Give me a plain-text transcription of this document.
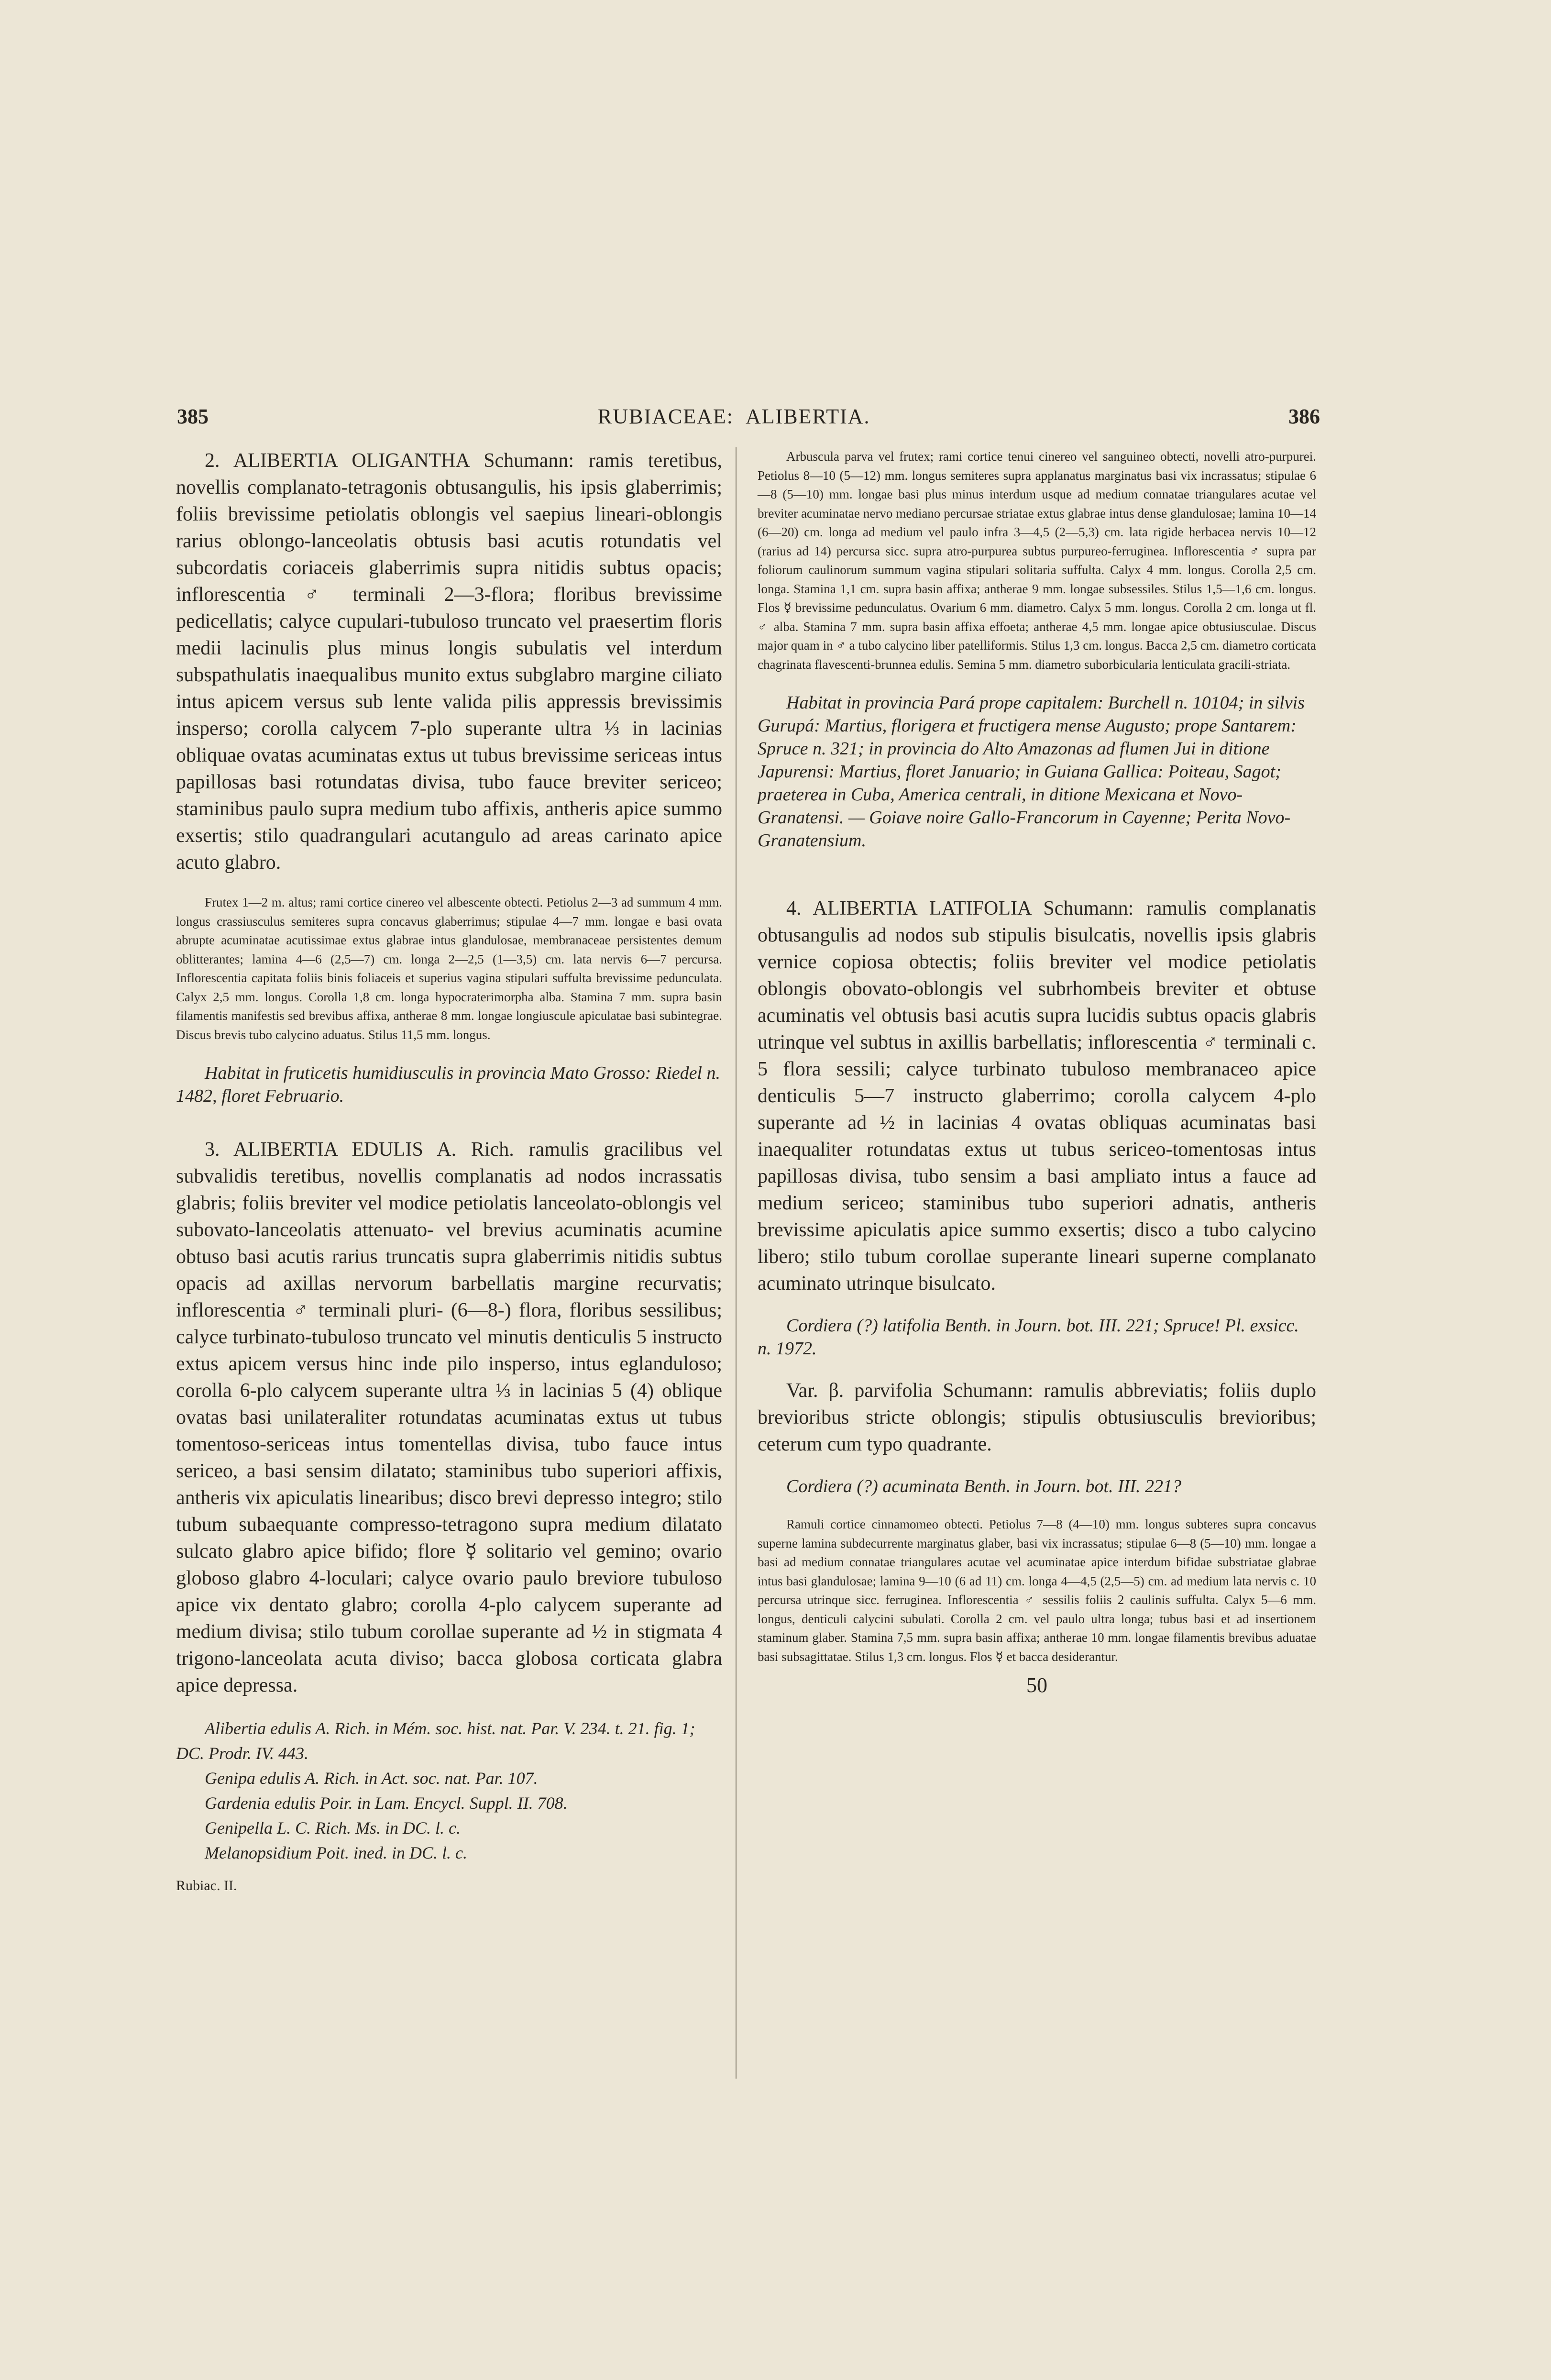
385	RUBIACEAE: ALIBERTIA.	386

2. ALIBERTIA OLIGANTHA Schumann: ramis teretibus, novellis complanato-tetragonis obtusangulis, his ipsis glaberrimis; foliis brevissime petiolatis oblongis vel saepius lineari-oblongis rarius oblongo-lanceolatis obtusis basi acutis rotundatis vel subcordatis coriaceis glaberrimis supra nitidis subtus opacis; inflorescentia ♂ terminali 2—3-flora; floribus brevissime pedicellatis; calyce cupulari-tubuloso truncato vel praesertim floris medii lacinulis plus minus longis subulatis vel interdum subspathulatis inaequalibus munito extus subglabro margine ciliato intus apicem versus sub lente valida pilis appressis brevissimis insperso; corolla calycem 7-plo superante ultra ⅓ in lacinias obliquae ovatas acuminatas extus ut tubus brevissime sericeas intus papillosas basi rotundatas divisa, tubo fauce breviter sericeo; staminibus paulo supra medium tubo affixis, antheris apice summo exsertis; stilo quadrangulari acutangulo ad areas carinato apice acuto glabro.

Frutex 1—2 m. altus; rami cortice cinereo vel albescente obtecti. Petiolus 2—3 ad summum 4 mm. longus crassiusculus semiteres supra concavus glaberrimus; stipulae 4—7 mm. longae e basi ovata abrupte acuminatae acutissimae extus glabrae intus glandulosae, membranaceae persistentes demum oblitterantes; lamina 4—6 (2,5—7) cm. longa 2—2,5 (1—3,5) cm. lata nervis 6—7 percursa. Inflorescentia capitata foliis binis foliaceis et superius vagina stipulari suffulta brevissime pedunculata. Calyx 2,5 mm. longus. Corolla 1,8 cm. longa hypocraterimorpha alba. Stamina 7 mm. supra basin filamentis manifestis sed brevibus affixa, antherae 8 mm. longae longiuscule apiculatae basi subintegrae. Discus brevis tubo calycino aduatus. Stilus 11,5 mm. longus.

Habitat in fruticetis humidiusculis in provincia Mato Grosso: Riedel n. 1482, floret Februario.

3. ALIBERTIA EDULIS A. Rich. ramulis gracilibus vel subvalidis teretibus, novellis complanatis ad nodos incrassatis glabris; foliis breviter vel modice petiolatis lanceolato-oblongis vel subovato-lanceolatis attenuato- vel brevius acuminatis acumine obtuso basi acutis rarius truncatis supra glaberrimis nitidis subtus opacis ad axillas nervorum barbellatis margine recurvatis; inflorescentia ♂ terminali pluri- (6—8-) flora, floribus sessilibus; calyce turbinato-tubuloso truncato vel minutis denticulis 5 instructo extus apicem versus hinc inde pilo insperso, intus eglanduloso; corolla 6-plo calycem superante ultra ⅓ in lacinias 5 (4) oblique ovatas basi unilateraliter rotundatas acuminatas extus ut tubus tomentoso-sericeas intus tomentellas divisa, tubo fauce intus sericeo, a basi sensim dilatato; staminibus tubo superiori affixis, antheris vix apiculatis linearibus; disco brevi depresso integro; stilo tubum subaequante compresso-tetragono supra medium dilatato sulcato glabro apice bifido; flore ☿ solitario vel gemino; ovario globoso glabro 4-loculari; calyce ovario paulo breviore tubuloso apice vix dentato glabro; corolla 4-plo calycem superante ad medium divisa; stilo tubum corollae superante ad ½ in stigmata 4 trigono-lanceolata acuta diviso; bacca globosa corticata glabra apice depressa.

Alibertia edulis A. Rich. in Mém. soc. hist. nat. Par. V. 234. t. 21. fig. 1; DC. Prodr. IV. 443.

Genipa edulis A. Rich. in Act. soc. nat. Par. 107.

Gardenia edulis Poir. in Lam. Encycl. Suppl. II. 708.

Genipella L. C. Rich. Ms. in DC. l. c.

Melanopsidium Poit. ined. in DC. l. c.

Rubiac. II.

Arbuscula parva vel frutex; rami cortice tenui cinereo vel sanguineo obtecti, novelli atro-purpurei. Petiolus 8—10 (5—12) mm. longus semiteres supra applanatus marginatus basi vix incrassatus; stipulae 6—8 (5—10) mm. longae basi plus minus interdum usque ad medium connatae triangulares acutae vel breviter acuminatae nervo mediano percursae striatae extus glabrae intus dense glandulosae; lamina 10—14 (6—20) cm. longa ad medium vel paulo infra 3—4,5 (2—5,3) cm. lata rigide herbacea nervis 10—12 (rarius ad 14) percursa sicc. supra atro-purpurea subtus purpureo-ferruginea. Inflorescentia ♂ supra par foliorum caulinorum summum vagina stipulari solitaria suffulta. Calyx 4 mm. longus. Corolla 2,5 cm. longa. Stamina 1,1 cm. supra basin affixa; antherae 9 mm. longae subsessiles. Stilus 1,5—1,6 cm. longus. Flos ☿ brevissime pedunculatus. Ovarium 6 mm. diametro. Calyx 5 mm. longus. Corolla 2 cm. longa ut fl. ♂ alba. Stamina 7 mm. supra basin affixa effoeta; antherae 4,5 mm. longae apice obtusiusculae. Discus major quam in ♂ a tubo calycino liber patelliformis. Stilus 1,3 cm. longus. Bacca 2,5 cm. diametro corticata chagrinata flavescenti-brunnea edulis. Semina 5 mm. diametro suborbicularia lenticulata gracili-striata.

Habitat in provincia Pará prope capitalem: Burchell n. 10104; in silvis Gurupá: Martius, florigera et fructigera mense Augusto; prope Santarem: Spruce n. 321; in provincia do Alto Amazonas ad flumen Jui in ditione Japurensi: Martius, floret Januario; in Guiana Gallica: Poiteau, Sagot; praeterea in Cuba, America centrali, in ditione Mexicana et Novo-Granatensi. — Goiave noire Gallo-Francorum in Cayenne; Perita Novo-Granatensium.

4. ALIBERTIA LATIFOLIA Schumann: ramulis complanatis obtusangulis ad nodos sub stipulis bisulcatis, novellis ipsis glabris vernice copiosa obtectis; foliis breviter vel modice petiolatis oblongis obovato-oblongis vel subrhombeis breviter et obtuse acuminatis vel obtusis basi acutis supra lucidis subtus opacis glabris utrinque vel subtus in axillis barbellatis; inflorescentia ♂ terminali c. 5 flora sessili; calyce turbinato tubuloso membranaceo apice denticulis 5—7 instructo glaberrimo; corolla calycem 4-plo superante ad ½ in lacinias 4 ovatas obliquas acuminatas basi inaequaliter rotundatas extus ut tubus sericeo-tomentosas intus papillosas divisa, tubo sensim a basi ampliato intus a fauce ad medium sericeo; staminibus tubo superiori adnatis, antheris brevissime apiculatis apice summo exsertis; disco a tubo calycino libero; stilo tubum corollae superante lineari superne complanato acuminato utrinque bisulcato.

Cordiera (?) latifolia Benth. in Journ. bot. III. 221; Spruce! Pl. exsicc. n. 1972.

Var. β. parvifolia Schumann: ramulis abbreviatis; foliis duplo brevioribus stricte oblongis; stipulis obtusiusculis brevioribus; ceterum cum typo quadrante.

Cordiera (?) acuminata Benth. in Journ. bot. III. 221?

Ramuli cortice cinnamomeo obtecti. Petiolus 7—8 (4—10) mm. longus subteres supra concavus superne lamina subdecurrente marginatus glaber, basi vix incrassatus; stipulae 6—8 (5—10) mm. longae a basi ad medium connatae triangulares acutae vel acuminatae apice interdum bifidae substriatae glabrae intus basi glandulosae; lamina 9—10 (6 ad 11) cm. longa 4—4,5 (2,5—5) cm. ad medium lata nervis c. 10 percursa utrinque sicc. ferruginea. Inflorescentia ♂ sessilis foliis 2 caulinis suffulta. Calyx 5—6 mm. longus, denticuli calycini subulati. Corolla 2 cm. vel paulo ultra longa; tubus basi et ad insertionem staminum glaber. Stamina 7,5 mm. supra basin affixa; antherae 10 mm. longae filamentis brevibus aduatae basi subsagittatae. Stilus 1,3 cm. longus. Flos ☿ et bacca desiderantur.

50
